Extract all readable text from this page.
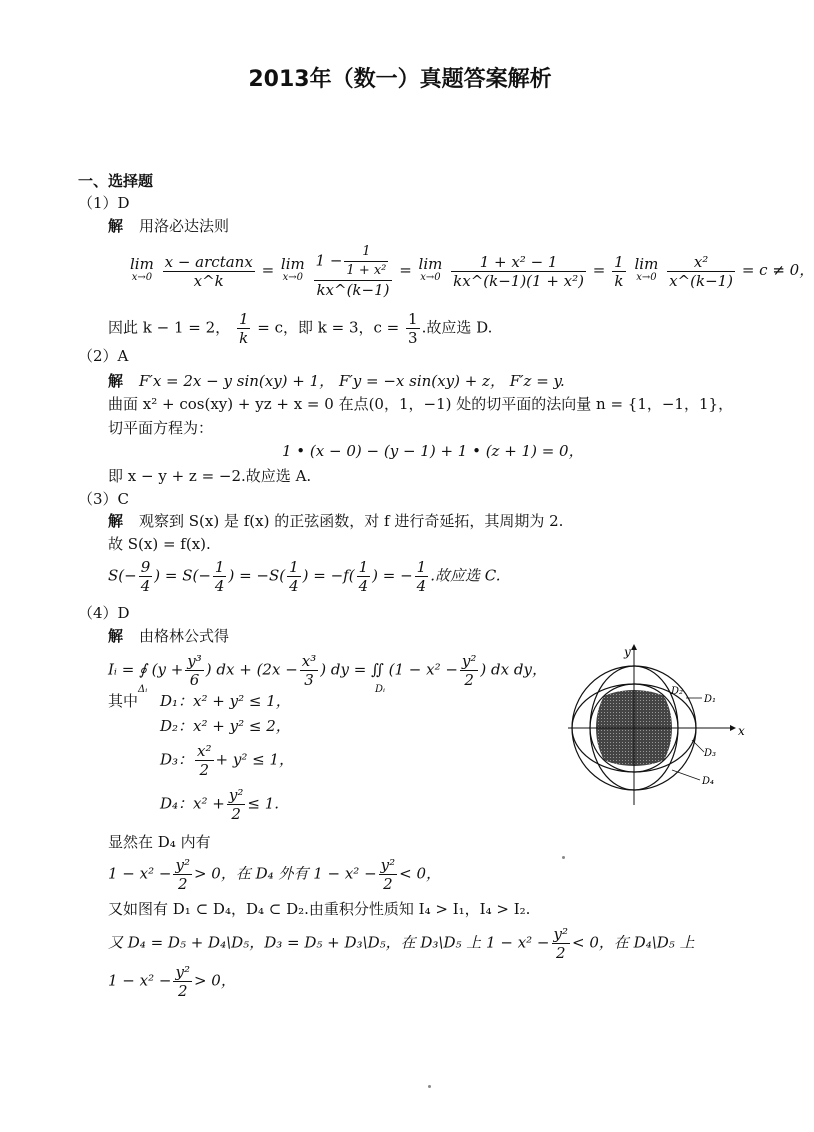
2013年（数一）真题答案解析
一、选择题
（1）D
解 用洛必达法则
lim
x→0
$\frac{x - \arctan x}{x\^{}k} = \lim$
x→0
$\frac{1 - \frac{1}{\text{1 + x²}}}{kx\^{}(k-1)} = \lim$
x→0
$\frac{\text{1 + x² − 1}}{\text{kx\textasciicircum{}(k−1)(1 + x²)}} = \frac{1}{k}$
lim
x→0
$\frac{\text{x²}}{x\^{}(k-1)} = c \ne 0$，
因此 k − 1 = 2， $\frac{1}{k} = c$，即 k = 3，$c = \frac{1}{3}$ .故应选 D.
（2）A
解 F′x = 2x − y sin(xy) + 1， F′y = −x sin(xy) + z， F′z = y.
曲面 x² + cos(xy) + yz + x = 0 在点(0，1，−1) 处的切平面的法向量 n = {1，−1，1}，
切平面方程为：
1 • (x − 0) − (y − 1) + 1 • (z + 1) = 0，
即 x − y + z = −2.故应选 A.
（3）C
解 观察到 S(x) 是 f(x) 的正弦函数，对 f 进行奇延拓，其周期为 2.
故 S(x) = f(x).
$S(- \frac{9}{4}$ ) = $S(- \frac{1}{4}$ ) = $-S( \frac{1}{4}$ ) = $-f( \frac{1}{4}$ ) = − $\frac{1}{4}$ .故应选 C.
（4）D
解 由格林公式得
Iᵢ = ∮ ($y + \frac{\text{y³}}{6}$ ) dx + ($2x - \frac{\text{x³}}{3}$ ) dy = ∬ ($1 - x^2 - \frac{\text{y²}}{2}$ ) dx dy，
Δᵢ	Dᵢ
其中 D₁：x² + y² ≤ 1，
D₂：x² + y² ≤ 2，
D₃： $\frac{\text{x²}}{2} + y^2 \le 1$，
D₄：$x^2 + \frac{\text{y²}}{2} \le 1$.
显然在 D₄ 内有
$1 - x^2 - \frac{\text{y²}}{2} > 0$，在 D₄ 外有 $1 - x^2 - \frac{\text{y²}}{2} < 0$，
又如图有 D₁ ⊂ D₄，D₄ ⊂ D₂.由重积分性质知 I₄ > I₁，I₄ > I₂.
又 D₄ = D₅ + D₄\D₅，D₃ = D₅ + D₃\D₅，在 D₃\D₅ 上 $1 - x^2 - \frac{\text{y²}}{2} < 0$，在 D₄\D₅ 上
$1 - x^2 - \frac{\text{y²}}{2} > 0$，
x
y
D₂
D₁
D₃
D₄
